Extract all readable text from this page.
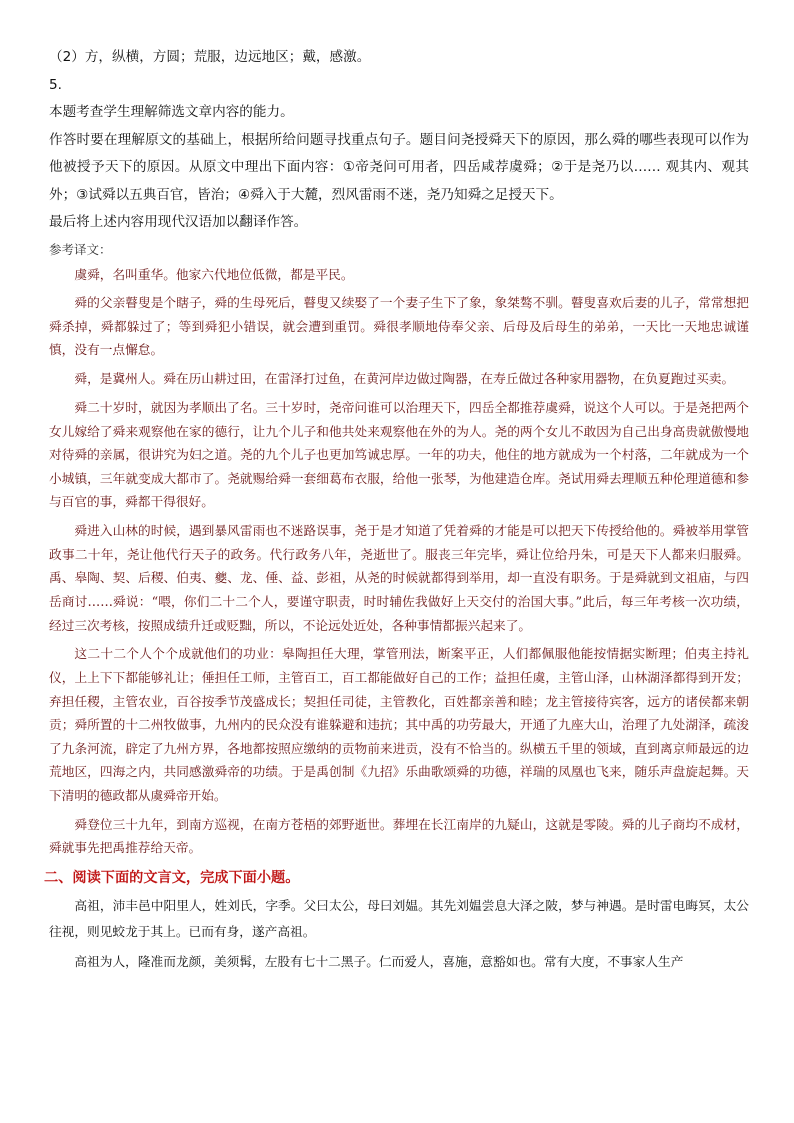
（2）方，纵横，方圆；荒服，边远地区；戴，感激。

5.

本题考查学生理解筛选文章内容的能力。

作答时要在理解原文的基础上，根据所给问题寻找重点句子。题目问尧授舜天下的原因，那么舜的哪些表现可以作为他被授予天下的原因。从原文中理出下面内容：①帝尧问可用者，四岳咸荐虞舜；②于是尧乃以…… 观其内、观其外；③试舜以五典百官，皆治；④舜入于大麓，烈风雷雨不迷，尧乃知舜之足授天下。

最后将上述内容用现代汉语加以翻译作答。

参考译文：

虞舜，名叫重华。他家六代地位低微，都是平民。

舜的父亲瞽叟是个瞎子，舜的生母死后，瞽叟又续娶了一个妻子生下了象，象桀骜不驯。瞽叟喜欢后妻的儿子，常常想把舜杀掉，舜都躲过了；等到舜犯小错误，就会遭到重罚。舜很孝顺地侍奉父亲、后母及后母生的弟弟，一天比一天地忠诚谨慎，没有一点懈怠。

舜，是冀州人。舜在历山耕过田，在雷泽打过鱼，在黄河岸边做过陶器，在寿丘做过各种家用器物，在负夏跑过买卖。

舜二十岁时，就因为孝顺出了名。三十岁时，尧帝问谁可以治理天下，四岳全都推荐虞舜，说这个人可以。于是尧把两个女儿嫁给了舜来观察他在家的德行，让九个儿子和他共处来观察他在外的为人。尧的两个女儿不敢因为自己出身高贵就傲慢地对待舜的亲属，很讲究为妇之道。尧的九个儿子也更加笃诚忠厚。一年的功夫，他住的地方就成为一个村落，二年就成为一个小城镇，三年就变成大都市了。尧就赐给舜一套细葛布衣服，给他一张琴，为他建造仓库。尧试用舜去理顺五种伦理道德和参与百官的事，舜都干得很好。

舜进入山林的时候，遇到暴风雷雨也不迷路误事，尧于是才知道了凭着舜的才能是可以把天下传授给他的。舜被举用掌管政事二十年，尧让他代行天子的政务。代行政务八年，尧逝世了。服丧三年完毕，舜让位给丹朱，可是天下人都来归服舜。禹、皋陶、契、后稷、伯夷、夔、龙、倕、益、彭祖，从尧的时候就都得到举用，却一直没有职务。于是舜就到文祖庙，与四岳商讨……舜说：“喂，你们二十二个人，要谨守职责，时时辅佐我做好上天交付的治国大事。”此后，每三年考核一次功绩，经过三次考核，按照成绩升迁或贬黜，所以，不论远处近处，各种事情都振兴起来了。

这二十二个人个个成就他们的功业：皋陶担任大理，掌管刑法，断案平正，人们都佩服他能按情据实断理；伯夷主持礼仪，上上下下都能够礼让；倕担任工师，主管百工，百工都能做好自己的工作；益担任虞，主管山泽，山林湖泽都得到开发；弃担任稷，主管农业，百谷按季节茂盛成长；契担任司徒，主管教化，百姓都亲善和睦；龙主管接待宾客，远方的诸侯都来朝贡；舜所置的十二州牧做事，九州内的民众没有谁躲避和违抗；其中禹的功劳最大，开通了九座大山，治理了九处湖泽，疏浚了九条河流，辟定了九州方界，各地都按照应缴纳的贡物前来进贡，没有不恰当的。纵横五千里的领域，直到离京师最远的边荒地区，四海之内，共同感激舜帝的功绩。于是禹创制《九招》乐曲歌颂舜的功德，祥瑞的凤凰也飞来，随乐声盘旋起舞。天下清明的德政都从虞舜帝开始。

舜登位三十九年，到南方巡视，在南方苍梧的郊野逝世。葬埋在长江南岸的九疑山，这就是零陵。舜的儿子商均不成材，舜就事先把禹推荐给天帝。

二、阅读下面的文言文，完成下面小题。

高祖，沛丰邑中阳里人，姓刘氏，字季。父曰太公，母曰刘媪。其先刘媪尝息大泽之陂，梦与神遇。是时雷电晦冥，太公往视，则见蛟龙于其上。已而有身，遂产高祖。

高祖为人，隆准而龙颜，美须髯，左股有七十二黑子。仁而爱人，喜施，意豁如也。常有大度，不事家人生产
